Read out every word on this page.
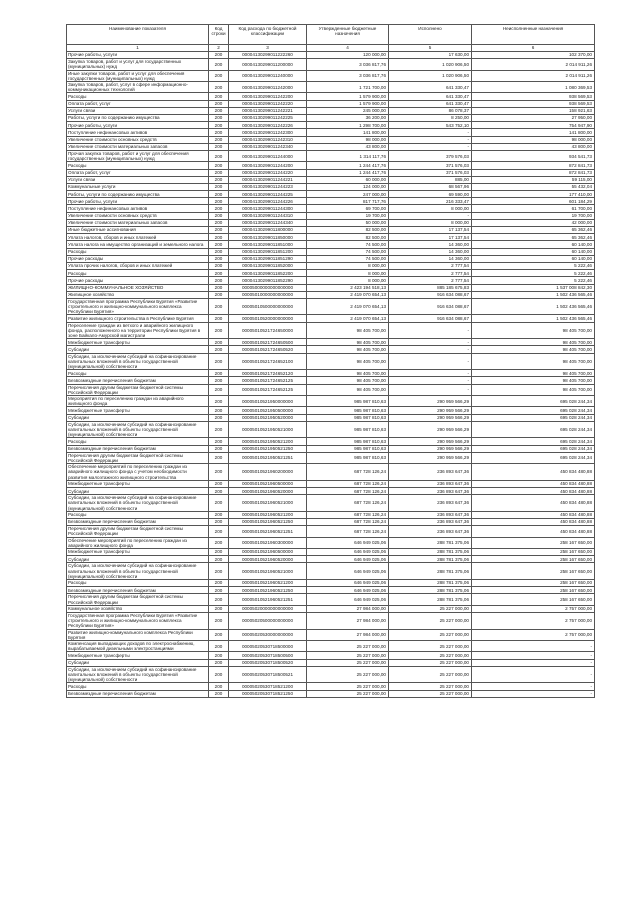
Наименование показателя	Код строки	Код расхода по бюджетной классификации	Утвержденные бюджетные назначения	Исполнено	Неисполненные назначения
1	2	3	4	5	6
Прочие работы, услуги	200	00004130299011222260	120 000,00	17 630,00	102 370,00
Закупка товаров, работ и услуг для государственных (муниципальных) нужд	200	00004130299011200000	3 036 817,76	1 020 906,50	2 014 911,26
Иные закупки товаров, работ и услуг для обеспечения государственных (муниципальных) нужд	200	00004130299011240000	3 036 817,76	1 020 906,50	2 014 911,26
Закупка товаров, работ, услуг в сфере информационно-коммуникационных технологий	200	00004130299011242000	1 721 700,00	641 330,47	1 080 369,53
Расходы	200	00004130299011242200	1 579 900,00	641 330,47	938 569,53
Оплата работ, услуг	200	00004130299011242220	1 579 900,00	641 330,47	938 569,53
Услуги связи	200	00004130299011242221	245 000,00	86 078,37	158 921,63
Работы, услуги по содержанию имущества	200	00004130299011242225	36 200,00	8 250,00	27 950,00
Прочие работы, услуги	200	00004130299011242226	1 298 700,00	543 752,10	754 947,90
Поступление нефинансовых активов	200	00004130299011242300	141 800,00	-	141 800,00
Увеличение стоимости основных средств	200	00004130299011242310	98 000,00	-	98 000,00
Увеличение стоимости материальных запасов	200	00004130299011242340	43 800,00	-	43 800,00
Прочая закупка товаров, работ и услуг для обеспечения государственных (муниципальных) нужд	200	00004130299011244000	1 314 117,76	379 576,03	934 541,73
Расходы	200	00004130299011244200	1 244 417,76	371 576,03	872 841,73
Оплата работ, услуг	200	00004130299011244220	1 244 417,76	371 576,03	872 841,73
Услуги связи	200	00004130299011244221	60 000,00	885,00	59 115,00
Коммунальные услуги	200	00004130299011244223	124 000,00	68 567,96	55 432,04
Работы, услуги по содержанию имущества	200	00004130299011244225	247 000,00	69 590,00	177 410,00
Прочие работы, услуги	200	00004130299011244226	817 717,76	216 333,47	601 184,29
Поступление нефинансовых активов	200	00004130299011244300	69 700,00	8 000,00	61 700,00
Увеличение стоимости основных средств	200	00004130299011244310	19 700,00	-	19 700,00
Увеличение стоимости материальных запасов	200	00004130299011244340	50 000,00	8 000,00	42 000,00
Иные бюджетные ассигнования	200	00004130299011800000	82 500,00	17 137,54	65 362,46
Уплата налогов, сборов и иных платежей	200	00004130299011850000	82 500,00	17 137,54	65 362,46
Уплата налога на имущество организаций и земельного налога	200	00004130299011851000	74 500,00	14 360,00	60 140,00
Расходы	200	00004130299011851200	74 500,00	14 360,00	60 140,00
Прочие расходы	200	00004130299011851290	74 500,00	14 360,00	60 140,00
Уплата прочих налогов, сборов и иных платежей	200	00004130299011852000	8 000,00	2 777,54	5 222,46
Расходы	200	00004130299011852200	8 000,00	2 777,54	5 222,46
Прочие расходы	200	00004130299011852290	8 000,00	2 777,54	5 222,46
ЖИЛИЩНО-КОММУНАЛЬНОЕ ХОЗЯЙСТВО	200	00005000000000000000	2 423 194 518,13	885 185 675,83	1 537 008 842,30
Жилищное хозяйство	200	00005010000000000000	2 419 070 654,13	916 634 088,67	1 502 436 565,46
Государственная программа Республики Бурятия «Развитие строительного и жилищно-коммунального комплекса Республики Бурятия»	200	00005010500000000000	2 419 070 654,13	916 634 088,67	1 502 436 565,46
Развитие жилищного строительства в Республике Бурятия	200	00005010520000000000	2 419 070 654,13	916 634 088,67	1 502 436 565,46
Переселение граждан из ветхого и аварийного жилищного фонда, расположенного на территории Республики Бурятия в зоне Байкало-Амурской магистрали	200	00005010521724650000	98 405 700,00	-	98 405 700,00
Межбюджетные трансферты	200	00005010521724650500	98 405 700,00	-	98 405 700,00
Субсидии	200	00005010521724650520	98 405 700,00	-	98 405 700,00
Субсидии, за исключением субсидий на софинансирование капитальных вложений в объекты государственной (муниципальной) собственности	200	00005010521724652100	98 405 700,00	-	98 405 700,00
Расходы	200	00005010521724652120	98 405 700,00	-	98 405 700,00
Безвозмездные перечисления бюджетам	200	00005010521724652125	98 405 700,00	-	98 405 700,00
Перечисления другим бюджетам бюджетной системы Российской Федерации	200	00005010521724652125	98 405 700,00	-	98 405 700,00
Мероприятия по переселению граждан из аварийного жилищного фонда	200	00005010521950000000	985 987 810,63	290 959 566,29	695 028 244,34
Межбюджетные трансферты	200	00005010521950500000	985 987 810,63	290 959 566,29	695 028 244,34
Субсидии	200	00005010521950520000	985 987 810,63	290 959 566,29	695 028 244,34
Субсидии, за исключением субсидий на софинансирование капитальных вложений в объекты государственной (муниципальной) собственности	200	00005010521950521000	985 987 810,63	290 959 566,29	695 028 244,34
Расходы	200	00005010521950521200	985 987 810,63	290 959 566,29	695 028 244,34
Безвозмездные перечисления бюджетам	200	00005010521950521250	985 987 810,63	290 959 566,29	695 028 244,34
Перечисления другим бюджетам бюджетной системы Российской Федерации	200	00005010521950521251	985 987 810,63	290 959 566,29	695 028 244,34
Обеспечение мероприятий по переселению граждан из аварийного жилищного фонда с учетом необходимости развития малоэтажного жилищного строительства	200	00005010521960200000	687 728 126,24	236 893 647,36	450 834 480,88
Межбюджетные трансферты	200	00005010521960500000	687 728 126,24	236 893 647,36	450 834 480,88
Субсидии	200	00005010521960520000	687 728 126,24	236 893 647,36	450 834 480,88
Субсидии, за исключением субсидий на софинансирование капитальных вложений в объекты государственной (муниципальной) собственности	200	00005010521960521000	687 728 126,24	236 893 647,36	450 834 480,88
Расходы	200	00005010521960521200	687 728 126,24	236 893 647,36	450 834 480,88
Безвозмездные перечисления бюджетам	200	00005010521960521250	687 728 126,24	236 893 647,36	450 834 480,88
Перечисления другим бюджетам бюджетной системы Российской Федерации	200	00005010521960521251	687 728 126,24	236 893 647,36	450 834 480,88
Обеспечение мероприятий по переселению граждан из аварийного жилищного фонда	200	00005010521960300000	646 949 025,06	288 781 375,06	258 167 650,00
Межбюджетные трансферты	200	00005010521960500000	646 949 025,06	288 781 375,06	258 167 650,00
Субсидии	200	00005010521960520000	646 949 025,06	288 781 375,06	258 167 650,00
Субсидии, за исключением субсидий на софинансирование капитальных вложений в объекты государственной (муниципальной) собственности	200	00005010521960521000	646 949 025,06	288 781 375,06	258 167 650,00
Расходы	200	00005010521960521200	646 949 025,06	288 781 375,06	258 167 650,00
Безвозмездные перечисления бюджетам	200	00005010521960521250	646 949 025,06	288 781 375,06	258 167 650,00
Перечисления другим бюджетам бюджетной системы Российской Федерации	200	00005010521960521251	646 949 025,06	288 781 375,06	258 167 650,00
Коммунальное хозяйство	200	00005020000000000000	27 984 000,00	25 227 000,00	2 757 000,00
Государственная программа Республики Бурятия «Развитие строительного и жилищно-коммунального комплекса Республики Бурятия»	200	00005020500000000000	27 984 000,00	25 227 000,00	2 757 000,00
Развитие жилищно-коммунального комплекса Республики Бурятия	200	00005020530000000000	27 984 000,00	25 227 000,00	2 757 000,00
Компенсация выпадающих доходов по электроснабжению, вырабатываемой дизельными электростанциями	200	00005020530718500000	25 227 000,00	25 227 000,00	-
Межбюджетные трансферты	200	00005020530718500500	25 227 000,00	25 227 000,00	-
Субсидии	200	00005020530718500520	25 227 000,00	25 227 000,00	-
Субсидии, за исключением субсидий на софинансирование капитальных вложений в объекты государственной (муниципальной) собственности	200	00005020530718500521	25 227 000,00	25 227 000,00	-
Расходы	200	00005020530718521200	25 227 000,00	25 227 000,00	-
Безвозмездные перечисления бюджетам	200	00005020530718521250	25 227 000,00	25 227 000,00	-
